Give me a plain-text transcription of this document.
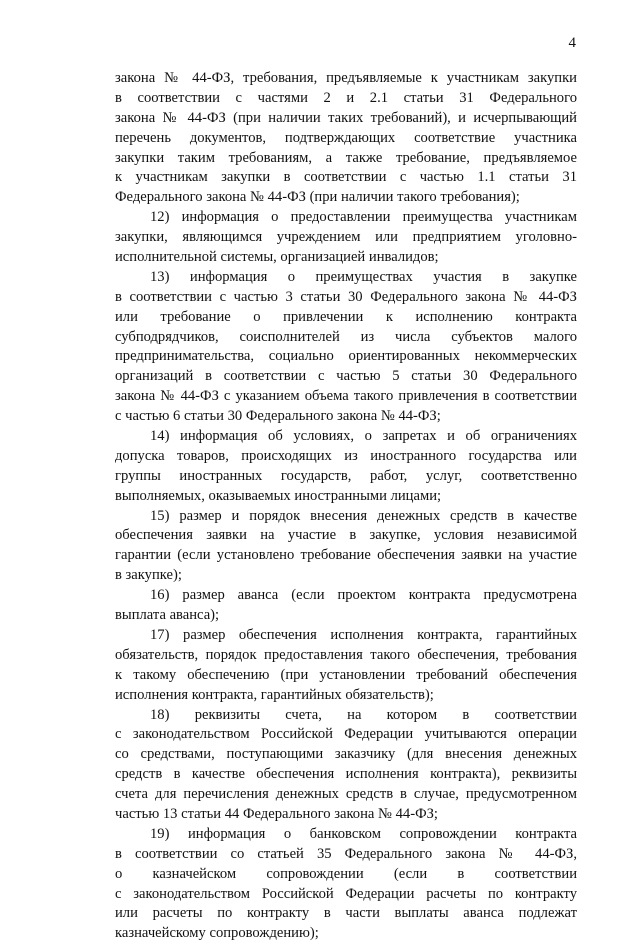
4
закона № 44-ФЗ, требования, предъявляемые к участникам закупки
в соответствии с частями 2 и 2.1 статьи 31 Федерального
закона № 44-ФЗ (при наличии таких требований), и исчерпывающий
перечень документов, подтверждающих соответствие участника
закупки таким требованиям, а также требование, предъявляемое
к участникам закупки в соответствии с частью 1.1 статьи 31
Федерального закона № 44-ФЗ (при наличии такого требования);
12) информация о предоставлении преимущества участникам
закупки, являющимся учреждением или предприятием уголовно-
исполнительной системы, организацией инвалидов;
13) информация о преимуществах участия в закупке
в соответствии с частью 3 статьи 30 Федерального закона № 44-ФЗ
или требование о привлечении к исполнению контракта
субподрядчиков, соисполнителей из числа субъектов малого
предпринимательства, социально ориентированных некоммерческих
организаций в соответствии с частью 5 статьи 30 Федерального
закона № 44-ФЗ с указанием объема такого привлечения в соответствии
с частью 6 статьи 30 Федерального закона № 44-ФЗ;
14) информация об условиях, о запретах и об ограничениях
допуска товаров, происходящих из иностранного государства или
группы иностранных государств, работ, услуг, соответственно
выполняемых, оказываемых иностранными лицами;
15) размер и порядок внесения денежных средств в качестве
обеспечения заявки на участие в закупке, условия независимой
гарантии (если установлено требование обеспечения заявки на участие
в закупке);
16) размер аванса (если проектом контракта предусмотрена
выплата аванса);
17) размер обеспечения исполнения контракта, гарантийных
обязательств, порядок предоставления такого обеспечения, требования
к такому обеспечению (при установлении требований обеспечения
исполнения контракта, гарантийных обязательств);
18) реквизиты счета, на котором в соответствии
с законодательством Российской Федерации учитываются операции
со средствами, поступающими заказчику (для внесения денежных
средств в качестве обеспечения исполнения контракта), реквизиты
счета для перечисления денежных средств в случае, предусмотренном
частью 13 статьи 44 Федерального закона № 44-ФЗ;
19) информация о банковском сопровождении контракта
в соответствии со статьей 35 Федерального закона № 44-ФЗ,
о казначейском сопровождении (если в соответствии
с законодательством Российской Федерации расчеты по контракту
или расчеты по контракту в части выплаты аванса подлежат
казначейскому сопровождению);
